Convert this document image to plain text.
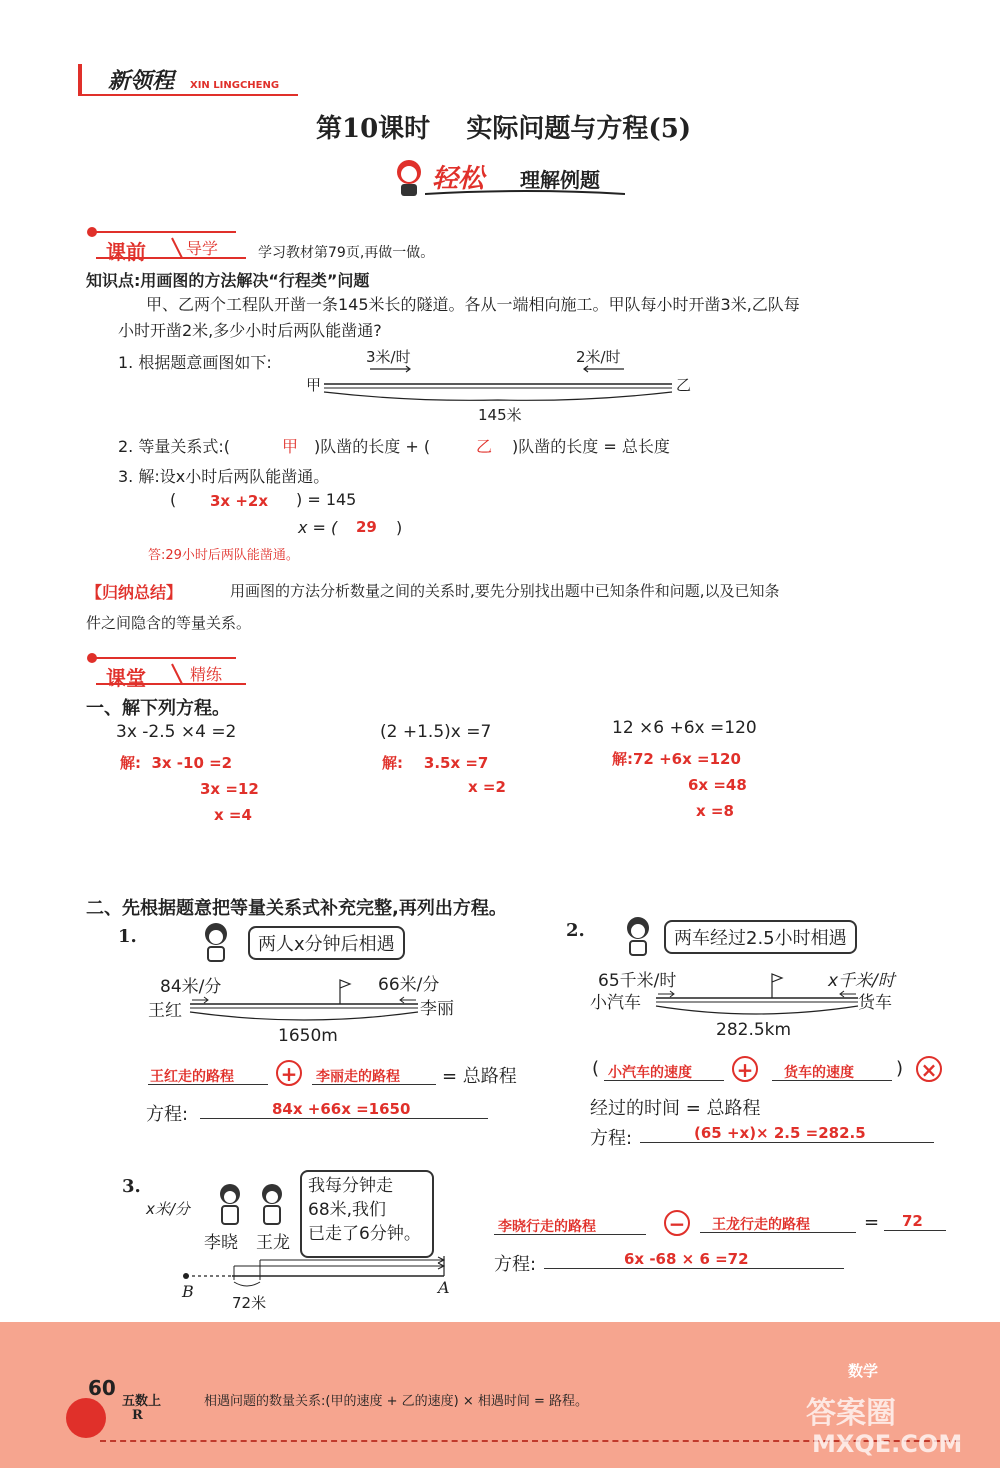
新领程 XIN LINGCHENG
第10课时    实际问题与方程(5)
轻松 理解例题
课前	导学	学习教材第79页,再做一做。
知识点:用画图的方法解决“行程类”问题
甲、乙两个工程队开凿一条145米长的隧道。各从一端相向施工。甲队每小时开凿3米,乙队每
小时开凿2米,多少小时后两队能凿通?
1. 根据题意画图如下:
甲	乙
3米/时	2米/时
145米
2. 等量关系式:(	甲 )队凿的长度 + (	乙 )队凿的长度 = 总长度
3. 解:设x小时后两队能凿通。
( 3x +2x ) = 145
x = ( 29 )
答:29小时后两队能凿通。
【归纳总结】	用画图的方法分析数量之间的关系时,要先分别找出题中已知条件和问题,以及已知条
件之间隐含的等量关系。
课堂	精练
一、解下列方程。
3x -2.5 ×4 =2
解:  3x -10 =2
3x =12
x =4
(2 +1.5)x =7
解:    3.5x =7
x =2
12 ×6 +6x =120
解:72 +6x =120
6x =48
x =8
二、先根据题意把等量关系式补充完整,再列出方程。
1.	两人x分钟后相遇
84米/分	66米/分
王红	李丽
1650m
王红走的路程 +	李丽走的路程 = 总路程
方程:	84x +66x =1650
2.	两车经过2.5小时相遇
65千米/时	x千米/时
小汽车	货车
282.5km
( 小汽车的速度 +	货车的速度 ) ×
经过的时间 = 总路程
方程:	(65 +x)× 2.5 =282.5
3.
x米/分
李晓 王龙
我每分钟走
68米,我们
已走了6分钟。
B	A
72米
李晓行走的路程	−	王龙行走的路程	= 72
方程:	6x -68 × 6 =72
60
五数上
R
相遇问题的数量关系:(甲的速度 + 乙的速度) × 相遇时间 = 路程。
数学
答案圈
MXQE.COM
